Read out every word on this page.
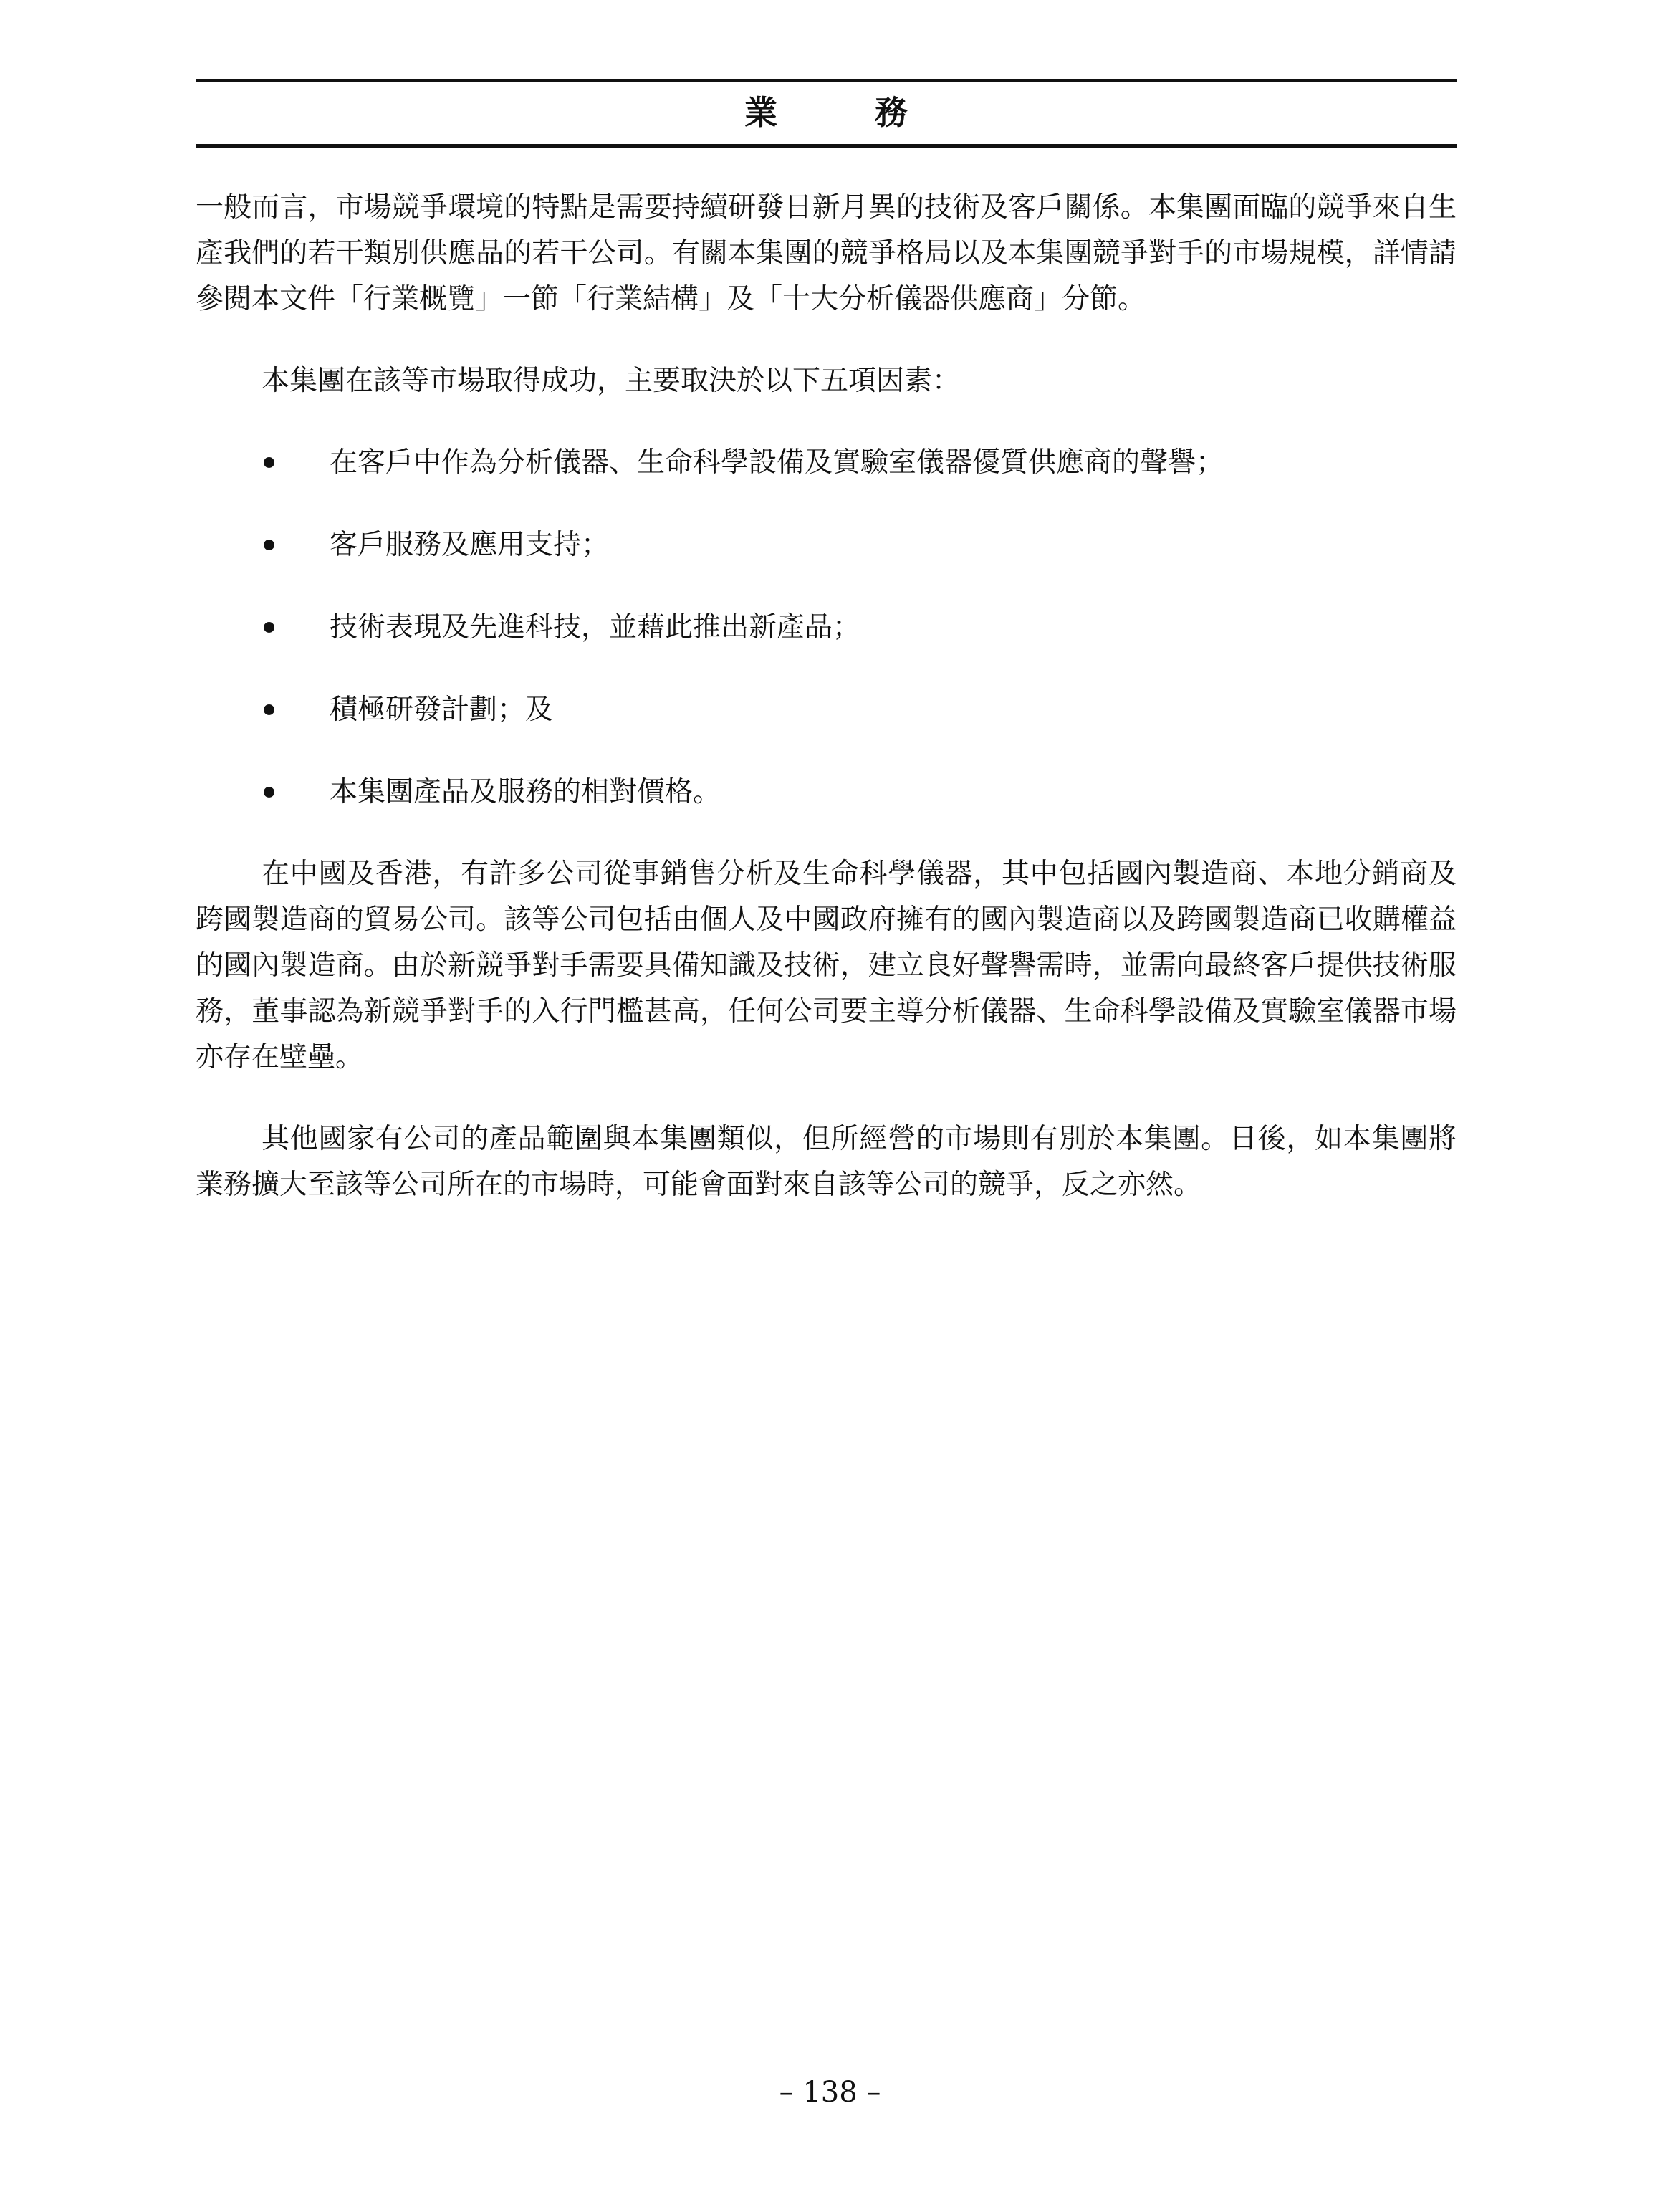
業 務

一般而言，市場競爭環境的特點是需要持續研發日新月異的技術及客戶關係。本集團面臨的競爭來自生產我們的若干類別供應品的若干公司。有關本集團的競爭格局以及本集團競爭對手的市場規模，詳情請參閱本文件「行業概覽」一節「行業結構」及「十大分析儀器供應商」分節。

本集團在該等市場取得成功，主要取決於以下五項因素：

在客戶中作為分析儀器、生命科學設備及實驗室儀器優質供應商的聲譽；
客戶服務及應用支持；
技術表現及先進科技，並藉此推出新產品；
積極研發計劃；及
本集團產品及服務的相對價格。

在中國及香港，有許多公司從事銷售分析及生命科學儀器，其中包括國內製造商、本地分銷商及跨國製造商的貿易公司。該等公司包括由個人及中國政府擁有的國內製造商以及跨國製造商已收購權益的國內製造商。由於新競爭對手需要具備知識及技術，建立良好聲譽需時，並需向最終客戶提供技術服務，董事認為新競爭對手的入行門檻甚高，任何公司要主導分析儀器、生命科學設備及實驗室儀器市場亦存在壁壘。

其他國家有公司的產品範圍與本集團類似，但所經營的市場則有別於本集團。日後，如本集團將業務擴大至該等公司所在的市場時，可能會面對來自該等公司的競爭，反之亦然。

– 138 –
